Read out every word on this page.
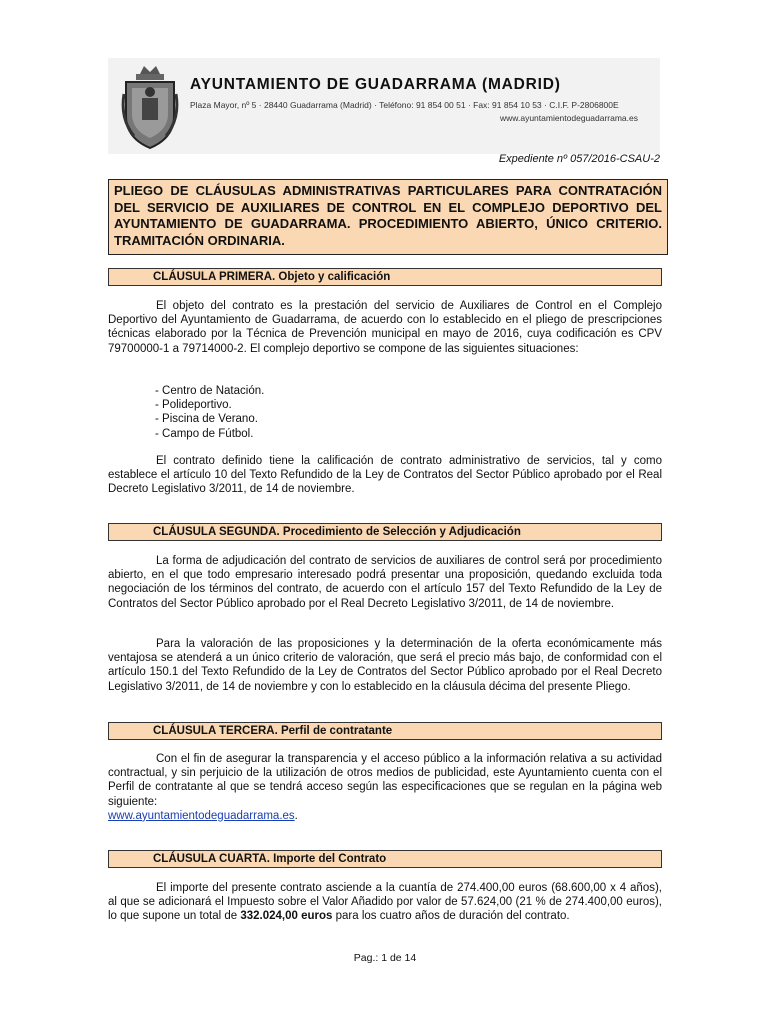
AYUNTAMIENTO DE GUADARRAMA (MADRID)
Plaza Mayor, nº 5 · 28440 Guadarrama (Madrid) · Teléfono: 91 854 00 51 · Fax: 91 854 10 53 · C.I.F. P-2806800E
www.ayuntamientodeguadarrama.es
Expediente nº 057/2016-CSAU-2
PLIEGO DE CLÁUSULAS ADMINISTRATIVAS PARTICULARES PARA CONTRATACIÓN DEL SERVICIO DE AUXILIARES DE CONTROL EN EL COMPLEJO DEPORTIVO DEL AYUNTAMIENTO DE GUADARRAMA. PROCEDIMIENTO ABIERTO, ÚNICO CRITERIO. TRAMITACIÓN ORDINARIA.
CLÁUSULA PRIMERA. Objeto y calificación
El objeto del contrato es la prestación del servicio de Auxiliares de Control en el Complejo Deportivo del Ayuntamiento de Guadarrama, de acuerdo con lo establecido en el pliego de prescripciones técnicas elaborado por la Técnica de Prevención municipal en mayo de 2016, cuya codificación es CPV 79700000-1 a 79714000-2. El complejo deportivo se compone de las siguientes situaciones:
- Centro de Natación.
- Polideportivo.
- Piscina de Verano.
- Campo de Fútbol.
El contrato definido tiene la calificación de contrato administrativo de servicios, tal y como establece el artículo 10 del Texto Refundido de la Ley de Contratos del Sector Público aprobado por el Real Decreto Legislativo 3/2011, de 14 de noviembre.
CLÁUSULA SEGUNDA. Procedimiento de Selección y Adjudicación
La forma de adjudicación del contrato de servicios de auxiliares de control será por procedimiento abierto, en el que todo empresario interesado podrá presentar una proposición, quedando excluida toda negociación de los términos del contrato, de acuerdo con el artículo 157 del Texto Refundido de la Ley de Contratos del Sector Público aprobado por el Real Decreto Legislativo 3/2011, de 14 de noviembre.
Para la valoración de las proposiciones y la determinación de la oferta económicamente más ventajosa se atenderá a un único criterio de valoración, que será el precio más bajo, de conformidad con el artículo 150.1 del Texto Refundido de la Ley de Contratos del Sector Público aprobado por el Real Decreto Legislativo 3/2011, de 14 de noviembre y con lo establecido en la cláusula décima del presente Pliego.
CLÁUSULA TERCERA. Perfil de contratante
Con el fin de asegurar la transparencia y el acceso público a la información relativa a su actividad contractual, y sin perjuicio de la utilización de otros medios de publicidad, este Ayuntamiento cuenta con el Perfil de contratante al que se tendrá acceso según las especificaciones que se regulan en la página web siguiente:
www.ayuntamientodeguadarrama.es.
CLÁUSULA CUARTA. Importe del Contrato
El importe del presente contrato asciende a la cuantía de 274.400,00 euros (68.600,00 x 4 años), al que se adicionará el Impuesto sobre el Valor Añadido por valor de 57.624,00 (21 % de 274.400,00 euros), lo que supone un total de 332.024,00 euros para los cuatro años de duración del contrato.
Pag.: 1 de 14
